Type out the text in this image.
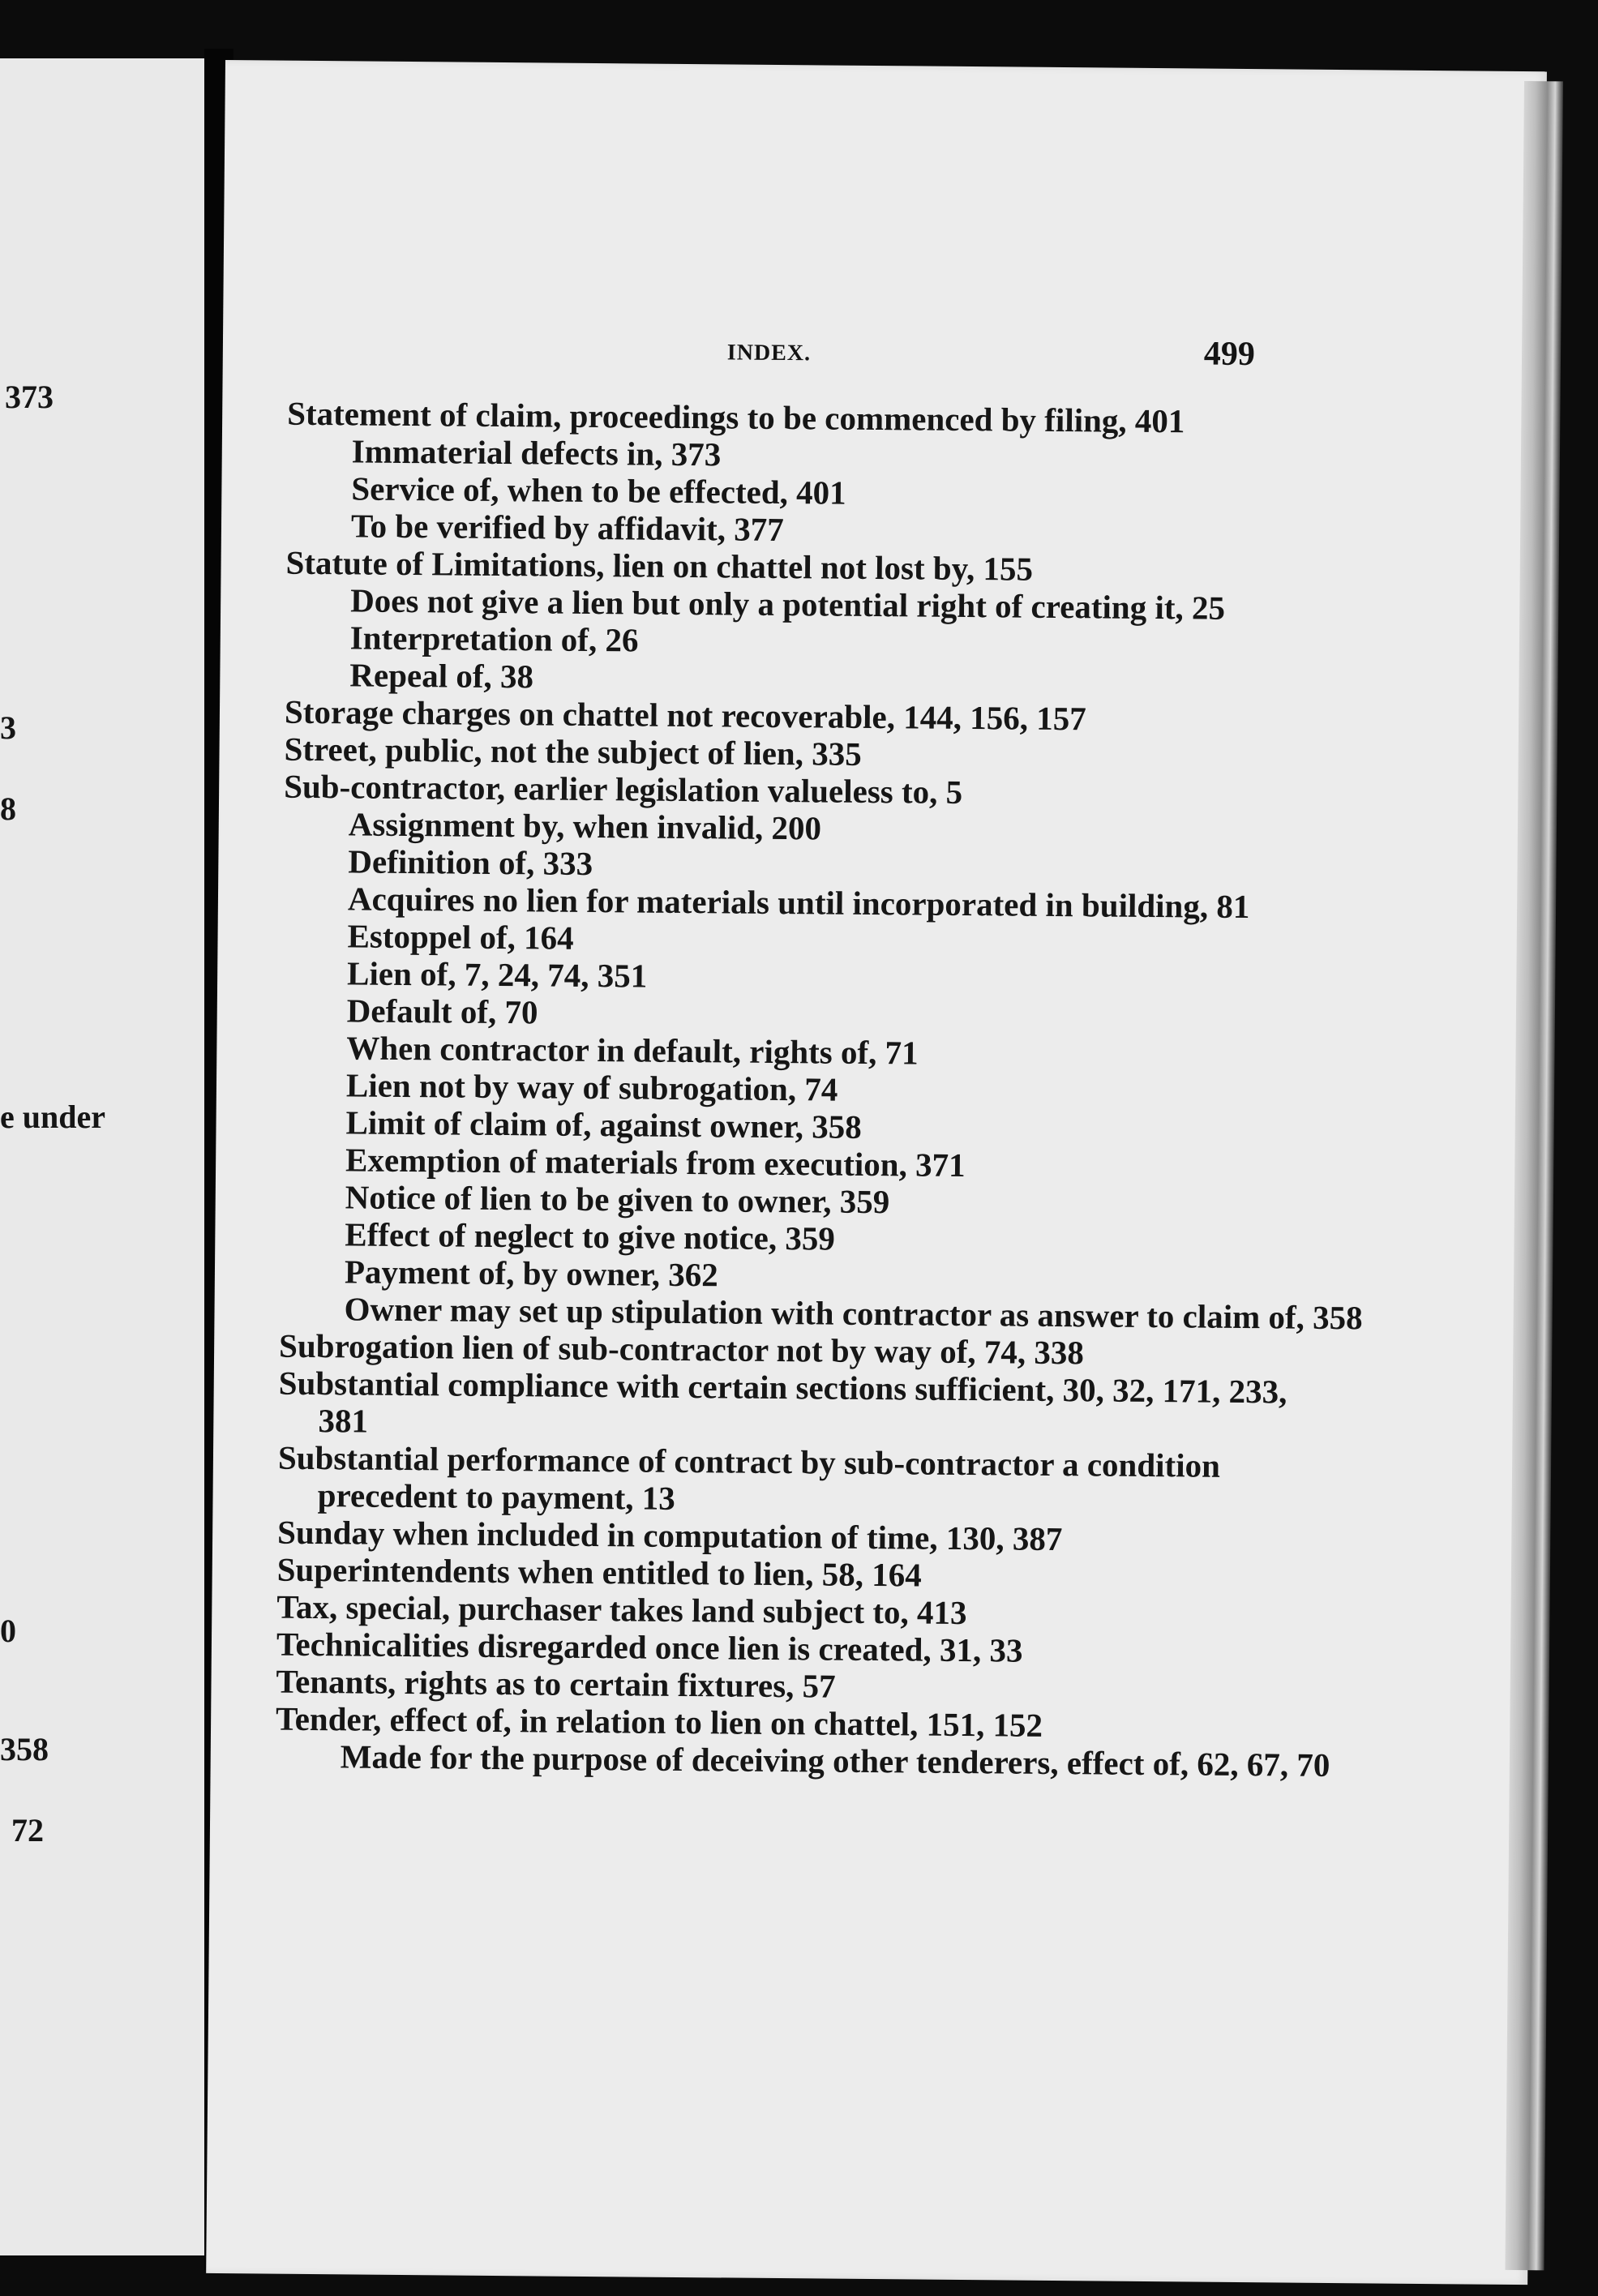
373
3
8
e under
0
358
72
INDEX.	499
Statement of claim, proceedings to be commenced by filing, 401
Immaterial defects in, 373
Service of, when to be effected, 401
To be verified by affidavit, 377
Statute of Limitations, lien on chattel not lost by, 155
Does not give a lien but only a potential right of creating it, 25
Interpretation of, 26
Repeal of, 38
Storage charges on chattel not recoverable, 144, 156, 157
Street, public, not the subject of lien, 335
Sub-contractor, earlier legislation valueless to, 5
Assignment by, when invalid, 200
Definition of, 333
Acquires no lien for materials until incorporated in building, 81
Estoppel of, 164
Lien of, 7, 24, 74, 351
Default of, 70
When contractor in default, rights of, 71
Lien not by way of subrogation, 74
Limit of claim of, against owner, 358
Exemption of materials from execution, 371
Notice of lien to be given to owner, 359
Effect of neglect to give notice, 359
Payment of, by owner, 362
Owner may set up stipulation with contractor as answer to claim of, 358
Subrogation lien of sub-contractor not by way of, 74, 338
Substantial compliance with certain sections sufficient, 30, 32, 171, 233, 381
Substantial performance of contract by sub-contractor a condition precedent to payment, 13
Sunday when included in computation of time, 130, 387
Superintendents when entitled to lien, 58, 164
Tax, special, purchaser takes land subject to, 413
Technicalities disregarded once lien is created, 31, 33
Tenants, rights as to certain fixtures, 57
Tender, effect of, in relation to lien on chattel, 151, 152
Made for the purpose of deceiving other tenderers, effect of, 62, 67, 70
